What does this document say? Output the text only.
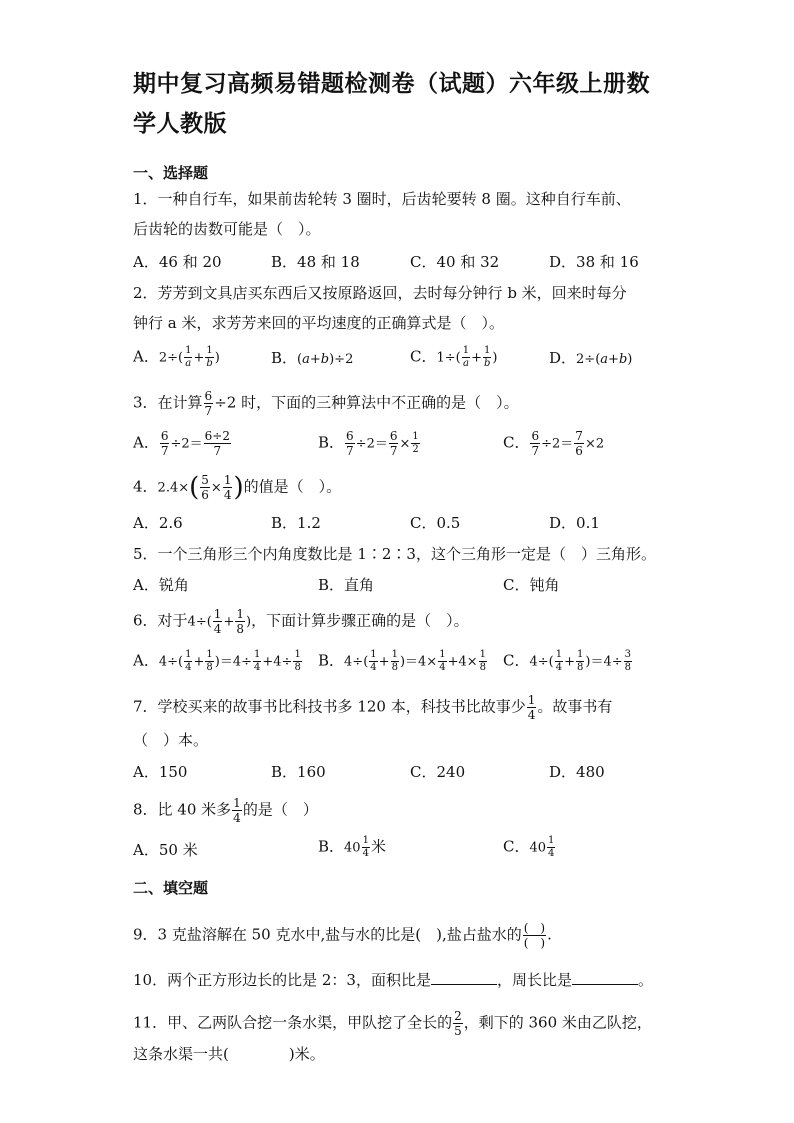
期中复习高频易错题检测卷（试题）六年级上册数学人教版
一、选择题
1．一种自行车，如果前齿轮转 3 圈时，后齿轮要转 8 圈。这种自行车前、
后齿轮的齿数可能是（　）。
A．46 和 20	B．48 和 18	C．40 和 32	D．38 和 16
2．芳芳到文具店买东西后又按原路返回，去时每分钟行 b 米，回来时每分
钟行 a 米，求芳芳来回的平均速度的正确算式是（　）。
A．$2\div( \frac{1}{a} + \frac{1}{b}$ )	B．(a+b)÷2	C．$1\div( \frac{1}{a} + \frac{1}{b}$ )	D．2÷(a+b)
3．在计算 $\frac{6}{7} \div 2$ 时，下面的三种算法中不正确的是（　）。
A． $\frac{6}{7} \div 2= \frac{6\div 2}{7}$	B． $\frac{6}{7} \div 2= \frac{6}{7} \times \frac{1}{2}$	C． $\frac{6}{7} \div 2= \frac{7}{6} \times 2$
4．$2.4\times( \frac{5}{6} \times \frac{1}{4}$ )的值是（　）。
A．2.6	B．1.2	C．0.5	D．0.1
5．一个三角形三个内角度数比是 1∶2∶3，这个三角形一定是（　）三角形。
A．锐角	B．直角	C．钝角
6．对于$4\div( \frac{1}{4} + \frac{1}{8}$ )，下面计算步骤正确的是（　）。
A．$4\div( \frac{1}{4} + \frac{1}{8} )=4\div \frac{1}{4} +4\div \frac{1}{8}$ B．$4\div( \frac{1}{4} + \frac{1}{8} )=4\times \frac{1}{4} +4\times \frac{1}{8}$ C．$4\div( \frac{1}{4} + \frac{1}{8} )=4\div \frac{3}{8}$
7．学校买来的故事书比科技书多 120 本，科技书比故事少 $\frac{1}{4}$ 。故事书有
（　）本。
A．150	B．160	C．240	D．480
8．比 40 米多 $\frac{1}{4}$ 的是（　）
A．50 米	B．$40 \frac{1}{4}$ 米	C．$40 \frac{1}{4}$
二、填空题
9．3 克盐溶解在 50 克水中,盐与水的比是(　),盐占盐水的 $\frac{( )}{( )}$ .
10．两个正方形边长的比是 2：3，面积比是	，周长比是	。
11．甲、乙两队合挖一条水渠，甲队挖了全长的 $\frac{2}{5}$ ，剩下的 360 米由乙队挖，
这条水渠一共(　　　　)米。
